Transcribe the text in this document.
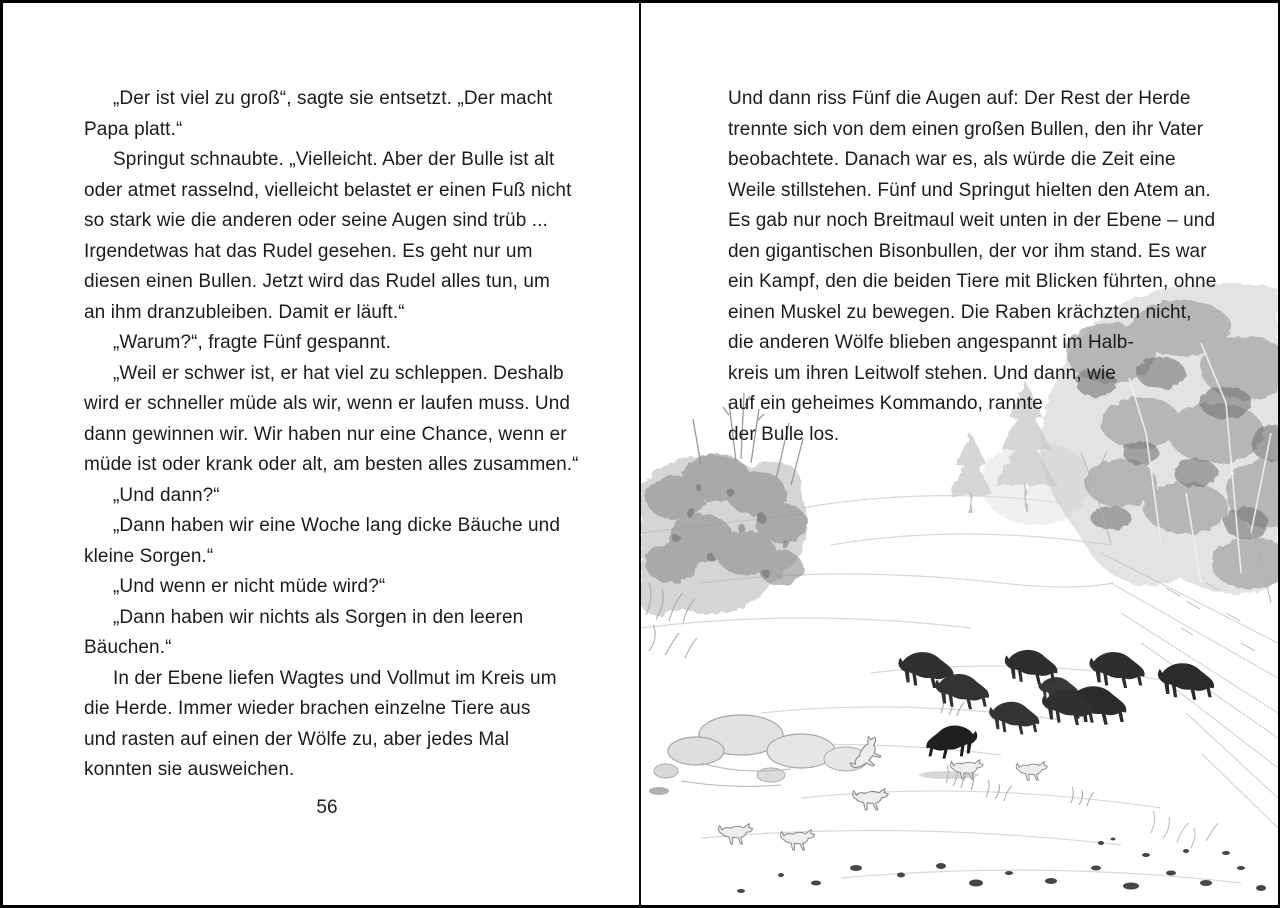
„Der ist viel zu groß“, sagte sie entsetzt. „Der macht
Papa platt.“
Springut schnaubte. „Vielleicht. Aber der Bulle ist alt
oder atmet rasselnd, vielleicht belastet er einen Fuß nicht
so stark wie die anderen oder seine Augen sind trüb ...
Irgendetwas hat das Rudel gesehen. Es geht nur um
diesen einen Bullen. Jetzt wird das Rudel alles tun, um
an ihm dranzubleiben. Damit er läuft.“
„Warum?“, fragte Fünf gespannt.
„Weil er schwer ist, er hat viel zu schleppen. Deshalb
wird er schneller müde als wir, wenn er laufen muss. Und
dann gewinnen wir. Wir haben nur eine Chance, wenn er
müde ist oder krank oder alt, am besten alles zusammen.“
„Und dann?“
„Dann haben wir eine Woche lang dicke Bäuche und
kleine Sorgen.“
„Und wenn er nicht müde wird?“
„Dann haben wir nichts als Sorgen in den leeren
Bäuchen.“
In der Ebene liefen Wagtes und Vollmut im Kreis um
die Herde. Immer wieder brachen einzelne Tiere aus
und rasten auf einen der Wölfe zu, aber jedes Mal
konnten sie ausweichen.
56
Und dann riss Fünf die Augen auf: Der Rest der Herde
trennte sich von dem einen großen Bullen, den ihr Vater
beobachtete. Danach war es, als würde die Zeit eine
Weile stillstehen. Fünf und Springut hielten den Atem an.
Es gab nur noch Breitmaul weit unten in der Ebene – und
den gigantischen Bisonbullen, der vor ihm stand. Es war
ein Kampf, den die beiden Tiere mit Blicken führten, ohne
einen Muskel zu bewegen. Die Raben krächzten nicht,
die anderen Wölfe blieben angespannt im Halb-
kreis um ihren Leitwolf stehen. Und dann, wie
auf ein geheimes Kommando, rannte
der Bulle los.
